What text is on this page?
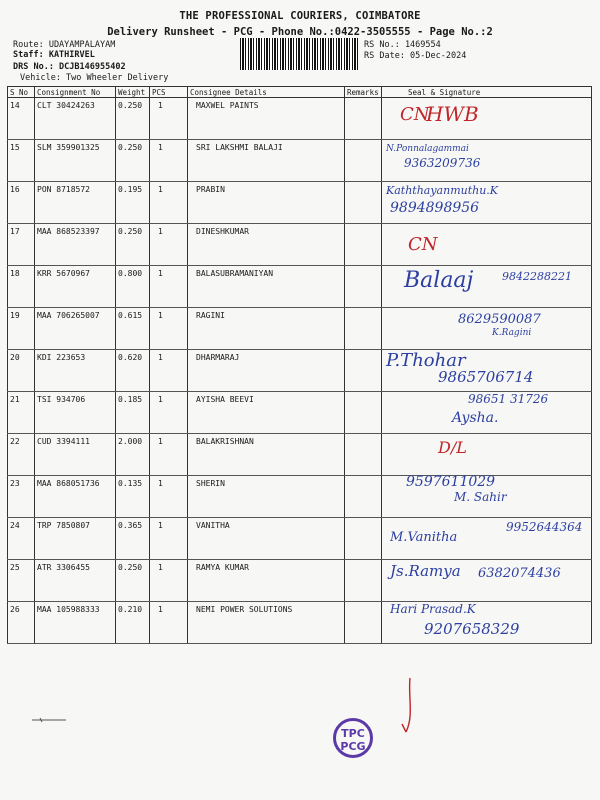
THE PROFESSIONAL COURIERS, COIMBATORE
Delivery Runsheet - PCG - Phone No.:0422-3505555 - Page No.:2
Route: UDAYAMPALAYAM
Staff: KATHIRVEL
DRS No.: DCJB146955402
Vehicle: Two Wheeler Delivery
RS No.: 1469554
RS Date: 05-Dec-2024
S No	Consignment No	Weight	PCS	Consignee Details	Remarks	Seal & Signature
14	CLT 30424263	0.250	1	MAXWEL PAINTS		CN
HWB

15	SLM 359901325	0.250	1	SRI LAKSHMI BALAJI		N.Ponnalagammai
9363209736

16	PON 8718572	0.195	1	PRABIN		Kaththayanmuthu.K
9894898956

17	MAA 868523397	0.250	1	DINESHKUMAR		CN

18	KRR 5670967	0.800	1	BALASUBRAMANIYAN		Balaaj 9842288221

19	MAA 706265007	0.615	1	RAGINI		8629590087
K.Ragini

20	KDI 223653	0.620	1	DHARMARAJ		P.Thohar
9865706714

21	TSI 934706	0.185	1	AYISHA BEEVI		98651 31726
Aysha.

22	CUD 3394111	2.000	1	BALAKRISHNAN		D/L

23	MAA 868051736	0.135	1	SHERIN		9597611029
M. Sahir

24	TRP 7850807	0.365	1	VANITHA		M.Vanitha
9952644364

25	ATR 3306455	0.250	1	RAMYA KUMAR		Js.Ramya 6382074436

26	MAA 105988333	0.210	1	NEMI POWER SOLUTIONS		Hari Prasad.K
9207658329
TPC
PCG
